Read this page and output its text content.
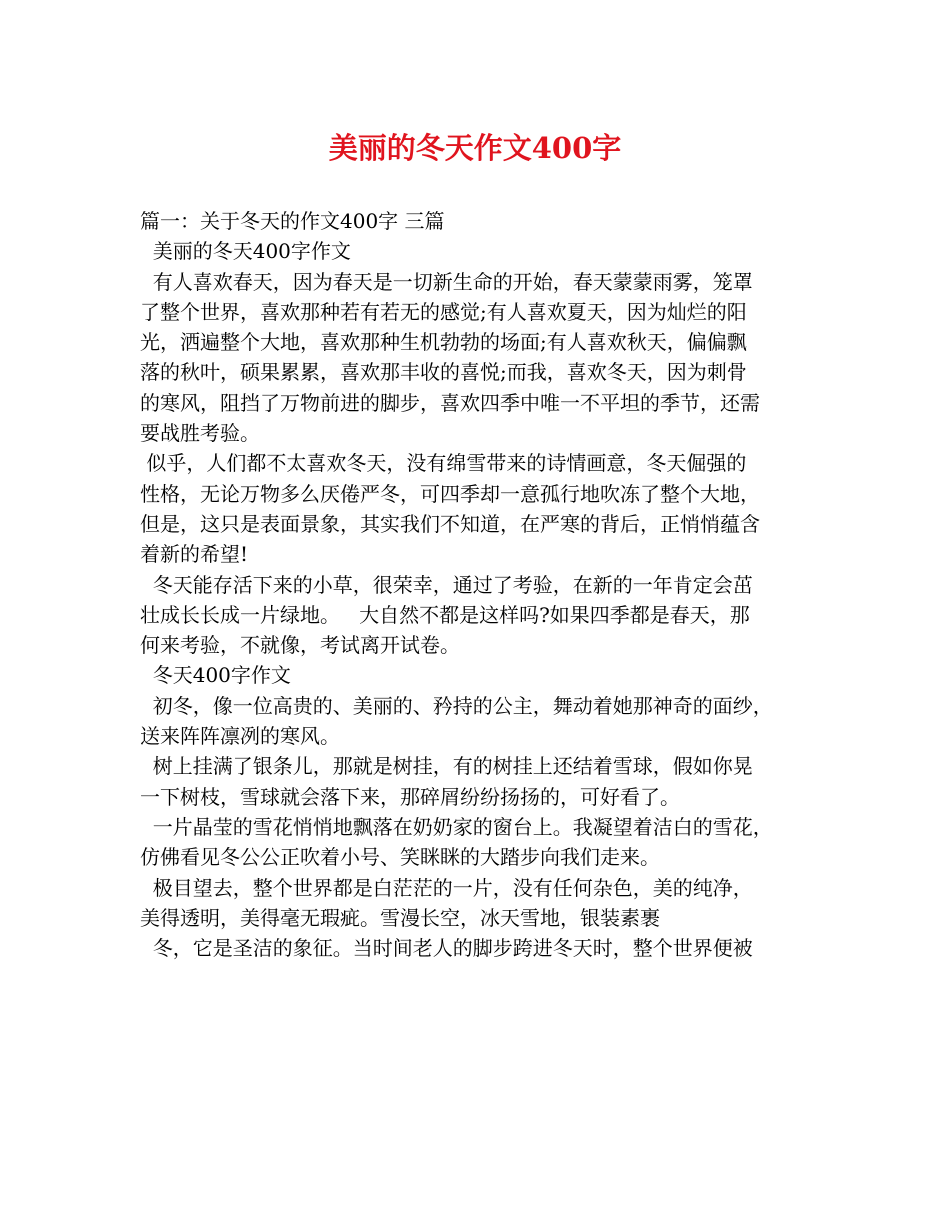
美丽的冬天作文400字
篇一：关于冬天的作文400字 三篇
美丽的冬天400字作文
有人喜欢春天，因为春天是一切新生命的开始，春天蒙蒙雨雾，笼罩
了整个世界，喜欢那种若有若无的感觉;有人喜欢夏天，因为灿烂的阳
光，洒遍整个大地，喜欢那种生机勃勃的场面;有人喜欢秋天，偏偏飘
落的秋叶，硕果累累，喜欢那丰收的喜悦;而我，喜欢冬天，因为刺骨
的寒风，阻挡了万物前进的脚步，喜欢四季中唯一不平坦的季节，还需
要战胜考验。
似乎，人们都不太喜欢冬天，没有绵雪带来的诗情画意，冬天倔强的
性格，无论万物多么厌倦严冬，可四季却一意孤行地吹冻了整个大地，
但是，这只是表面景象，其实我们不知道，在严寒的背后，正悄悄蕴含
着新的希望!
冬天能存活下来的小草，很荣幸，通过了考验，在新的一年肯定会茁
壮成长长成一片绿地。   大自然不都是这样吗?如果四季都是春天，那
何来考验，不就像，考试离开试卷。
冬天400字作文
初冬，像一位高贵的、美丽的、矜持的公主，舞动着她那神奇的面纱，
送来阵阵凛冽的寒风。
树上挂满了银条儿，那就是树挂，有的树挂上还结着雪球，假如你晃
一下树枝，雪球就会落下来，那碎屑纷纷扬扬的，可好看了。
一片晶莹的雪花悄悄地飘落在奶奶家的窗台上。我凝望着洁白的雪花，
仿佛看见冬公公正吹着小号、笑眯眯的大踏步向我们走来。
极目望去，整个世界都是白茫茫的一片，没有任何杂色，美的纯净，
美得透明，美得毫无瑕疵。雪漫长空，冰天雪地，银装素裹
冬，它是圣洁的象征。当时间老人的脚步跨进冬天时，整个世界便被
